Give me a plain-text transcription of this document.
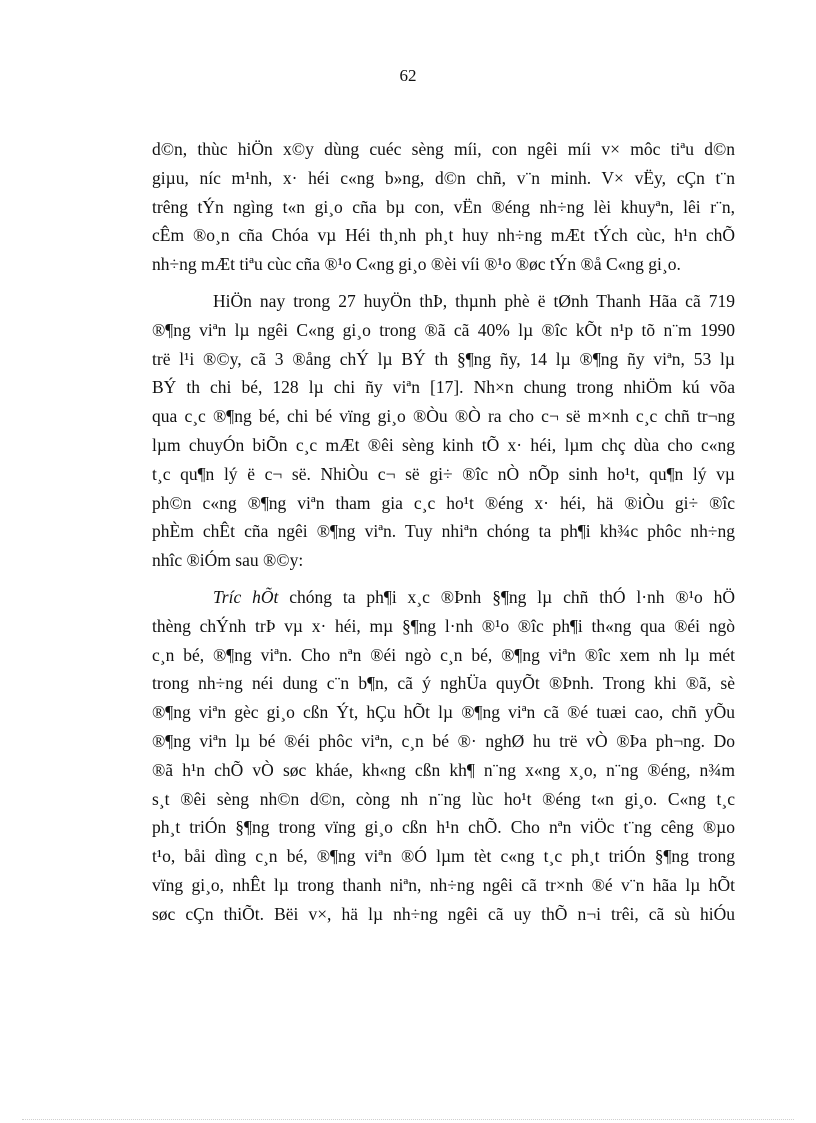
62
d©n, thùc hiÖn x©y dùng cuéc sèng míi, con ngêi míi v× môc tiªu d©n
giµu, níc m¹nh, x· héi c«ng b»ng, d©n chñ, v¨n minh. V× vËy, cÇn t¨n
trêng tÝn ngìng t«n gi¸o cña bµ con, vËn ®éng nh÷ng lèi khuyªn, lêi r¨n,
cÊm ®o¸n cña Chóa vµ Héi th¸nh ph¸t huy nh÷ng mÆt tÝch cùc, h¹n chÕ
nh÷ng mÆt tiªu cùc cña ®¹o C«ng gi¸o ®èi víi ®¹o ®øc tÝn ®å C«ng gi¸o.
HiÖn nay trong 27 huyÖn thÞ, thµnh phè ë tØnh Thanh Hãa cã 719
®¶ng viªn lµ ngêi C«ng gi¸o trong ®ã cã 40% lµ ®îc kÕt n¹p tõ n¨m 1990
trë l¹i ®©y, cã 3 ®ång chÝ lµ BÝ th §¶ng ñy, 14 lµ ®¶ng ñy viªn, 53 lµ
BÝ th chi bé, 128 lµ chi ñy viªn [17]. Nh×n chung trong nhiÖm kú võa
qua c¸c ®¶ng bé, chi bé vïng gi¸o ®Òu ®Ò ra cho c¬ së m×nh c¸c chñ tr¬ng
lµm chuyÓn biÕn c¸c mÆt ®êi sèng kinh tÕ x· héi, lµm chç dùa cho c«ng
t¸c qu¶n lý ë c¬ së. NhiÒu c¬ së gi÷ ®îc nÒ nÕp sinh ho¹t, qu¶n lý vµ
ph©n c«ng ®¶ng viªn tham gia c¸c ho¹t ®éng x· héi, hä ®iÒu gi÷ ®îc
phÈm chÊt cña ngêi ®¶ng viªn. Tuy nhiªn chóng ta ph¶i kh¾c phôc nh÷ng
nhîc ®iÓm sau ®©y:
Tríc hÕt chóng ta ph¶i x¸c ®Þnh §¶ng lµ chñ thÓ l·nh ®¹o hÖ
thèng chÝnh trÞ vµ x· héi, mµ §¶ng l·nh ®¹o ®îc ph¶i th«ng qua ®éi ngò
c¸n bé, ®¶ng viªn. Cho nªn ®éi ngò c¸n bé, ®¶ng viªn ®îc xem nh lµ mét
trong nh÷ng néi dung c¨n b¶n, cã ý nghÜa quyÕt ®Þnh. Trong khi ®ã, sè
®¶ng viªn gèc gi¸o cßn Ýt, hÇu hÕt lµ ®¶ng viªn cã ®é tuæi cao, chñ yÕu
®¶ng viªn lµ bé ®éi phôc viªn, c¸n bé ®· nghØ hu trë vÒ ®Þa ph¬ng. Do
®ã h¹n chÕ vÒ søc kháe, kh«ng cßn kh¶ n¨ng x«ng x¸o, n¨ng ®éng, n¾m
s¸t ®êi sèng nh©n d©n, còng nh n¨ng lùc ho¹t ®éng t«n gi¸o. C«ng t¸c
ph¸t triÓn §¶ng trong vïng gi¸o cßn h¹n chÕ. Cho nªn viÖc t¨ng cêng ®µo
t¹o, båi dìng c¸n bé, ®¶ng viªn ®Ó lµm tèt c«ng t¸c ph¸t triÓn §¶ng trong
vïng gi¸o, nhÊt lµ trong thanh niªn, nh÷ng ngêi cã tr×nh ®é v¨n hãa lµ hÕt
søc cÇn thiÕt. Bëi v×, hä lµ nh÷ng ngêi cã uy thÕ n¬i trêi, cã sù hiÓu
